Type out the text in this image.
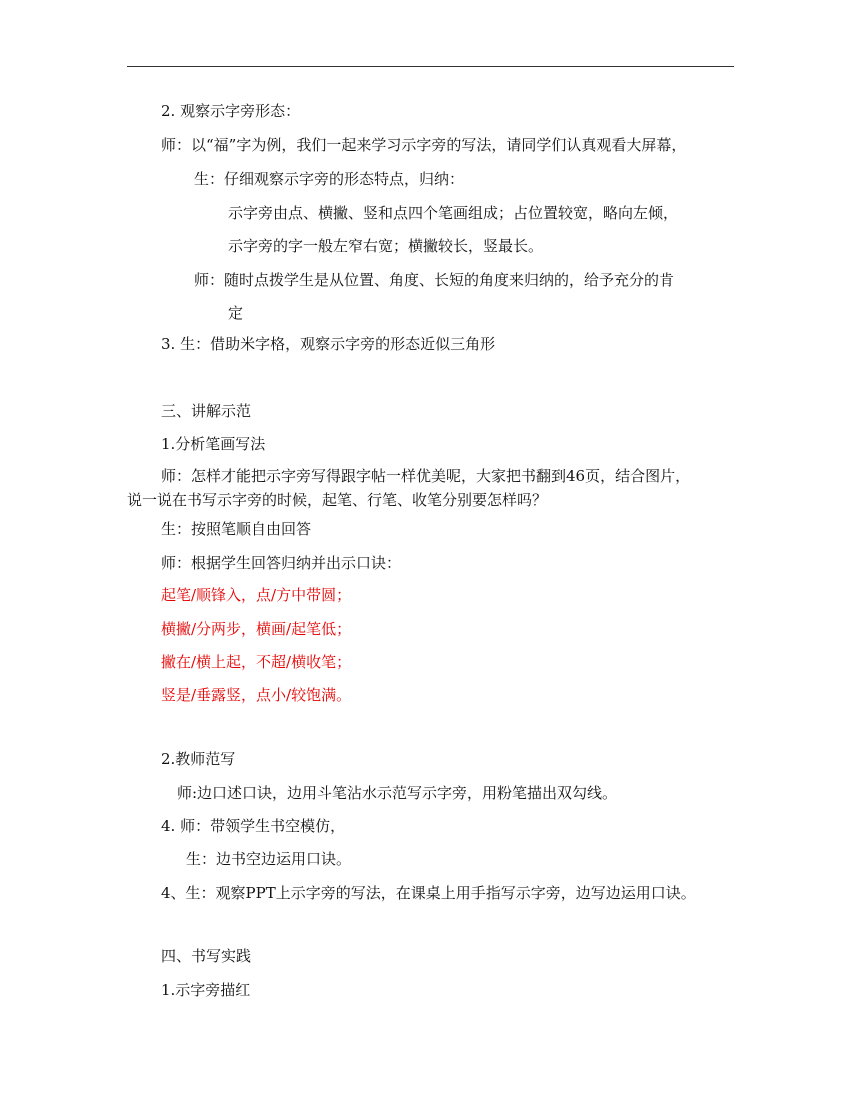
2. 观察示字旁形态：
师：以“福”字为例，我们一起来学习示字旁的写法，请同学们认真观看大屏幕，
生：仔细观察示字旁的形态特点，归纳：
示字旁由点、横撇、竖和点四个笔画组成；占位置较宽，略向左倾，
示字旁的字一般左窄右宽；横撇较长，竖最长。
师：随时点拨学生是从位置、角度、长短的角度来归纳的，给予充分的肯
定
3. 生：借助米字格，观察示字旁的形态近似三角形
三、讲解示范
1.分析笔画写法
师：怎样才能把示字旁写得跟字帖一样优美呢，大家把书翻到46页，结合图片，
说一说在书写示字旁的时候，起笔、行笔、收笔分别要怎样吗？
生：按照笔顺自由回答
师：根据学生回答归纳并出示口诀：
起笔/顺锋入，点/方中带圆；
横撇/分两步，横画/起笔低；
撇在/横上起，不超/横收笔；
竖是/垂露竖，点小/较饱满。
2.教师范写
师:边口述口诀，边用斗笔沾水示范写示字旁，用粉笔描出双勾线。
4. 师：带领学生书空模仿，
生：边书空边运用口诀。
4、生：观察PPT上示字旁的写法，在课桌上用手指写示字旁，边写边运用口诀。
四、书写实践
1.示字旁描红
